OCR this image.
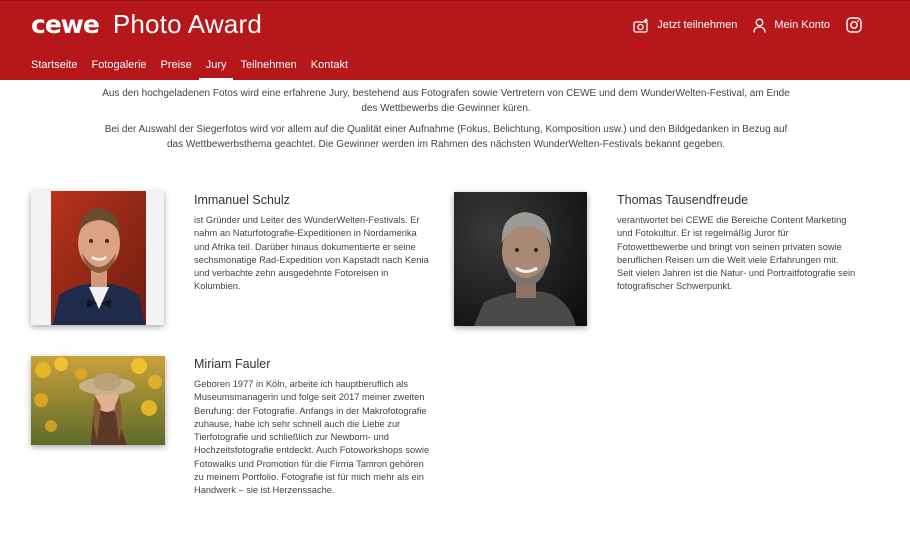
cewe Photo Award	Jetzt teilnehmen	Mein Konto
Startseite Fotogalerie Preise	Jury	Teilnehmen Kontakt

Aus den hochgeladenen Fotos wird eine erfahrene Jury, bestehend aus Fotografen sowie Vertretern von CEWE und dem WunderWelten-Festival, am Ende des Wettbewerbs die Gewinner küren.

Bei der Auswahl der Siegerfotos wird vor allem auf die Qualität einer Aufnahme (Fokus, Belichtung, Komposition usw.) und den Bildgedanken in Bezug auf das Wettbewerbsthema geachtet. Die Gewinner werden im Rahmen des nächsten WunderWelten-Festivals bekannt gegeben.

Immanuel Schulz
ist Gründer und Leiter des WunderWelten-Festivals. Er nahm an Naturfotografie-Expeditionen in Nordamerika und Afrika teil. Darüber hinaus dokumentierte er seine sechsmonatige Rad-Expedition von Kapstadt nach Kenia und verbachte zehn ausgedehnte Fotoreisen in Kolumbien.
Thomas Tausendfreude
verantwortet bei CEWE die Bereiche Content Marketing und Fotokultur. Er ist regelmäßig Juror für Fotowettbewerbe und bringt von seinen privaten sowie beruflichen Reisen um die Welt viele Erfahrungen mit. Seit vielen Jahren ist die Natur- und Portraitfotografie sein fotografischer Schwerpunkt.
Miriam Fauler
Geboren 1977 in Köln, arbeite ich hauptberuflich als Museumsmanagerin und folge seit 2017 meiner zweiten Berufung: der Fotografie. Anfangs in der Makrofotografie zuhause, habe ich sehr schnell auch die Liebe zur Tierfotografie und schließlich zur Newborn- und Hochzeitsfotografie entdeckt. Auch Fotoworkshops sowie Fotowalks und Promotion für die Firma Tamron gehören zu meinem Portfolio. Fotografie ist für mich mehr als ein Handwerk – sie ist Herzenssache.
